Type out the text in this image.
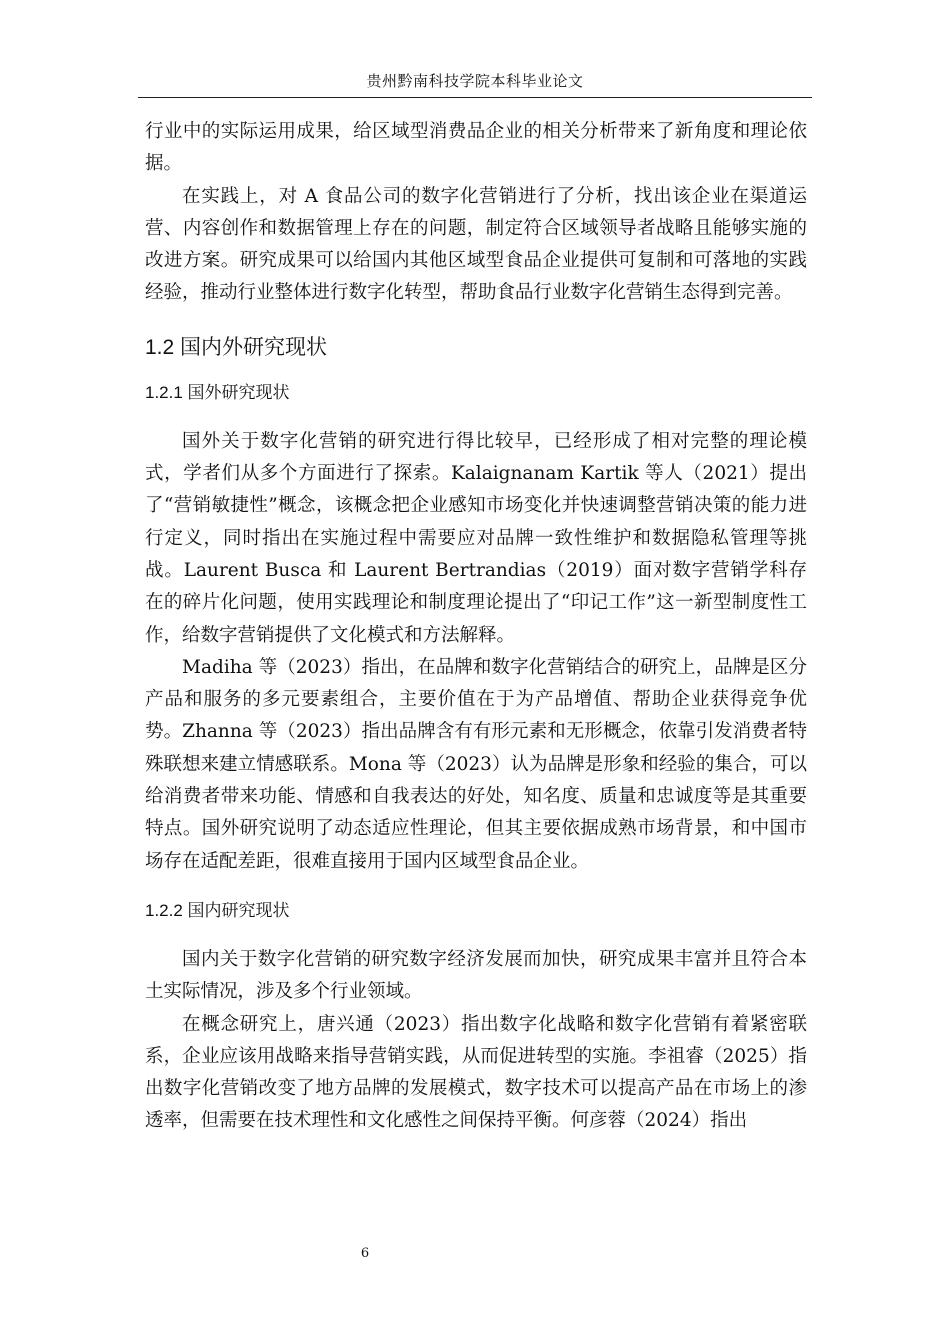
贵州黔南科技学院本科毕业论文

行业中的实际运用成果，给区域型消费品企业的相关分析带来了新角度和理论依据。

在实践上，对 A 食品公司的数字化营销进行了分析，找出该企业在渠道运营、内容创作和数据管理上存在的问题，制定符合区域领导者战略且能够实施的改进方案。研究成果可以给国内其他区域型食品企业提供可复制和可落地的实践经验，推动行业整体进行数字化转型，帮助食品行业数字化营销生态得到完善。

1.2 国内外研究现状
1.2.1 国外研究现状

国外关于数字化营销的研究进行得比较早，已经形成了相对完整的理论模式，学者们从多个方面进行了探索。Kalaignanam Kartik 等人（2021）提出了“营销敏捷性”概念，该概念把企业感知市场变化并快速调整营销决策的能力进行定义，同时指出在实施过程中需要应对品牌一致性维护和数据隐私管理等挑战。Laurent Busca 和 Laurent Bertrandias（2019）面对数字营销学科存在的碎片化问题，使用实践理论和制度理论提出了“印记工作”这一新型制度性工作，给数字营销提供了文化模式和方法解释。

Madiha 等（2023）指出，在品牌和数字化营销结合的研究上，品牌是区分产品和服务的多元要素组合，主要价值在于为产品增值、帮助企业获得竞争优势。Zhanna 等（2023）指出品牌含有有形元素和无形概念，依靠引发消费者特殊联想来建立情感联系。Mona 等（2023）认为品牌是形象和经验的集合，可以给消费者带来功能、情感和自我表达的好处，知名度、质量和忠诚度等是其重要特点。国外研究说明了动态适应性理论，但其主要依据成熟市场背景，和中国市场存在适配差距，很难直接用于国内区域型食品企业。

1.2.2 国内研究现状

国内关于数字化营销的研究数字经济发展而加快，研究成果丰富并且符合本土实际情况，涉及多个行业领域。

在概念研究上，唐兴通（2023）指出数字化战略和数字化营销有着紧密联系，企业应该用战略来指导营销实践，从而促进转型的实施。李祖睿（2025）指出数字化营销改变了地方品牌的发展模式，数字技术可以提高产品在市场上的渗透率，但需要在技术理性和文化感性之间保持平衡。何彦蓉（2024）指出

6
